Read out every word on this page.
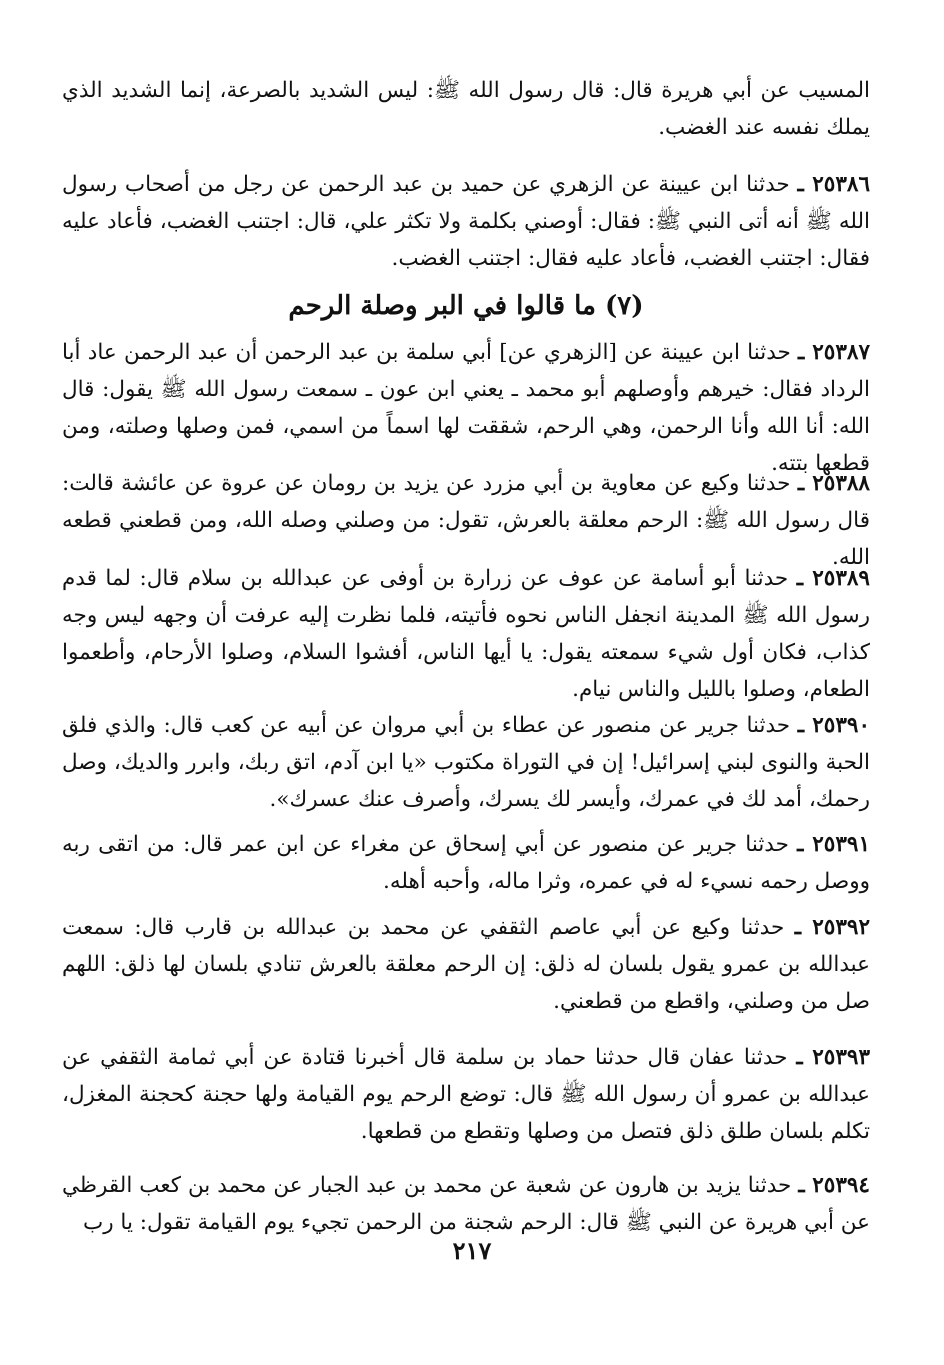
المسيب عن أبي هريرة قال: قال رسول الله ﷺ: ليس الشديد بالصرعة، إنما الشديد الذي يملك نفسه عند الغضب.
٢٥٣٨٦ ـ حدثنا ابن عيينة عن الزهري عن حميد بن عبد الرحمن عن رجل من أصحاب رسول الله ﷺ أنه أتى النبي ﷺ: فقال: أوصني بكلمة ولا تكثر علي، قال: اجتنب الغضب، فأعاد عليه فقال: اجتنب الغضب، فأعاد عليه فقال: اجتنب الغضب.
(٧) ما قالوا في البر وصلة الرحم
٢٥٣٨٧ ـ حدثنا ابن عيينة عن [الزهري عن] أبي سلمة بن عبد الرحمن أن عبد الرحمن عاد أبا الرداد فقال: خيرهم وأوصلهم أبو محمد ـ يعني ابن عون ـ سمعت رسول الله ﷺ يقول: قال الله: أنا الله وأنا الرحمن، وهي الرحم، شققت لها اسماً من اسمي، فمن وصلها وصلته، ومن قطعها بتته.
٢٥٣٨٨ ـ حدثنا وكيع عن معاوية بن أبي مزرد عن يزيد بن رومان عن عروة عن عائشة قالت: قال رسول الله ﷺ: الرحم معلقة بالعرش، تقول: من وصلني وصله الله، ومن قطعني قطعه الله.
٢٥٣٨٩ ـ حدثنا أبو أسامة عن عوف عن زرارة بن أوفى عن عبدالله بن سلام قال: لما قدم رسول الله ﷺ المدينة انجفل الناس نحوه فأتيته، فلما نظرت إليه عرفت أن وجهه ليس وجه كذاب، فكان أول شيء سمعته يقول: يا أيها الناس، أفشوا السلام، وصلوا الأرحام، وأطعموا الطعام، وصلوا بالليل والناس نيام.
٢٥٣٩٠ ـ حدثنا جرير عن منصور عن عطاء بن أبي مروان عن أبيه عن كعب قال: والذي فلق الحبة والنوى لبني إسرائيل! إن في التوراة مكتوب «يا ابن آدم، اتق ربك، وابرر والديك، وصل رحمك، أمد لك في عمرك، وأيسر لك يسرك، وأصرف عنك عسرك».
٢٥٣٩١ ـ حدثنا جرير عن منصور عن أبي إسحاق عن مغراء عن ابن عمر قال: من اتقى ربه ووصل رحمه نسيء له في عمره، وثرا ماله، وأحبه أهله.
٢٥٣٩٢ ـ حدثنا وكيع عن أبي عاصم الثقفي عن محمد بن عبدالله بن قارب قال: سمعت عبدالله بن عمرو يقول بلسان له ذلق: إن الرحم معلقة بالعرش تنادي بلسان لها ذلق: اللهم صل من وصلني، واقطع من قطعني.
٢٥٣٩٣ ـ حدثنا عفان قال حدثنا حماد بن سلمة قال أخبرنا قتادة عن أبي ثمامة الثقفي عن عبدالله بن عمرو أن رسول الله ﷺ قال: توضع الرحم يوم القيامة ولها حجنة كحجنة المغزل، تكلم بلسان طلق ذلق فتصل من وصلها وتقطع من قطعها.
٢٥٣٩٤ ـ حدثنا يزيد بن هارون عن شعبة عن محمد بن عبد الجبار عن محمد بن كعب القرظي عن أبي هريرة عن النبي ﷺ قال: الرحم شجنة من الرحمن تجيء يوم القيامة تقول: يا رب
٢١٧
